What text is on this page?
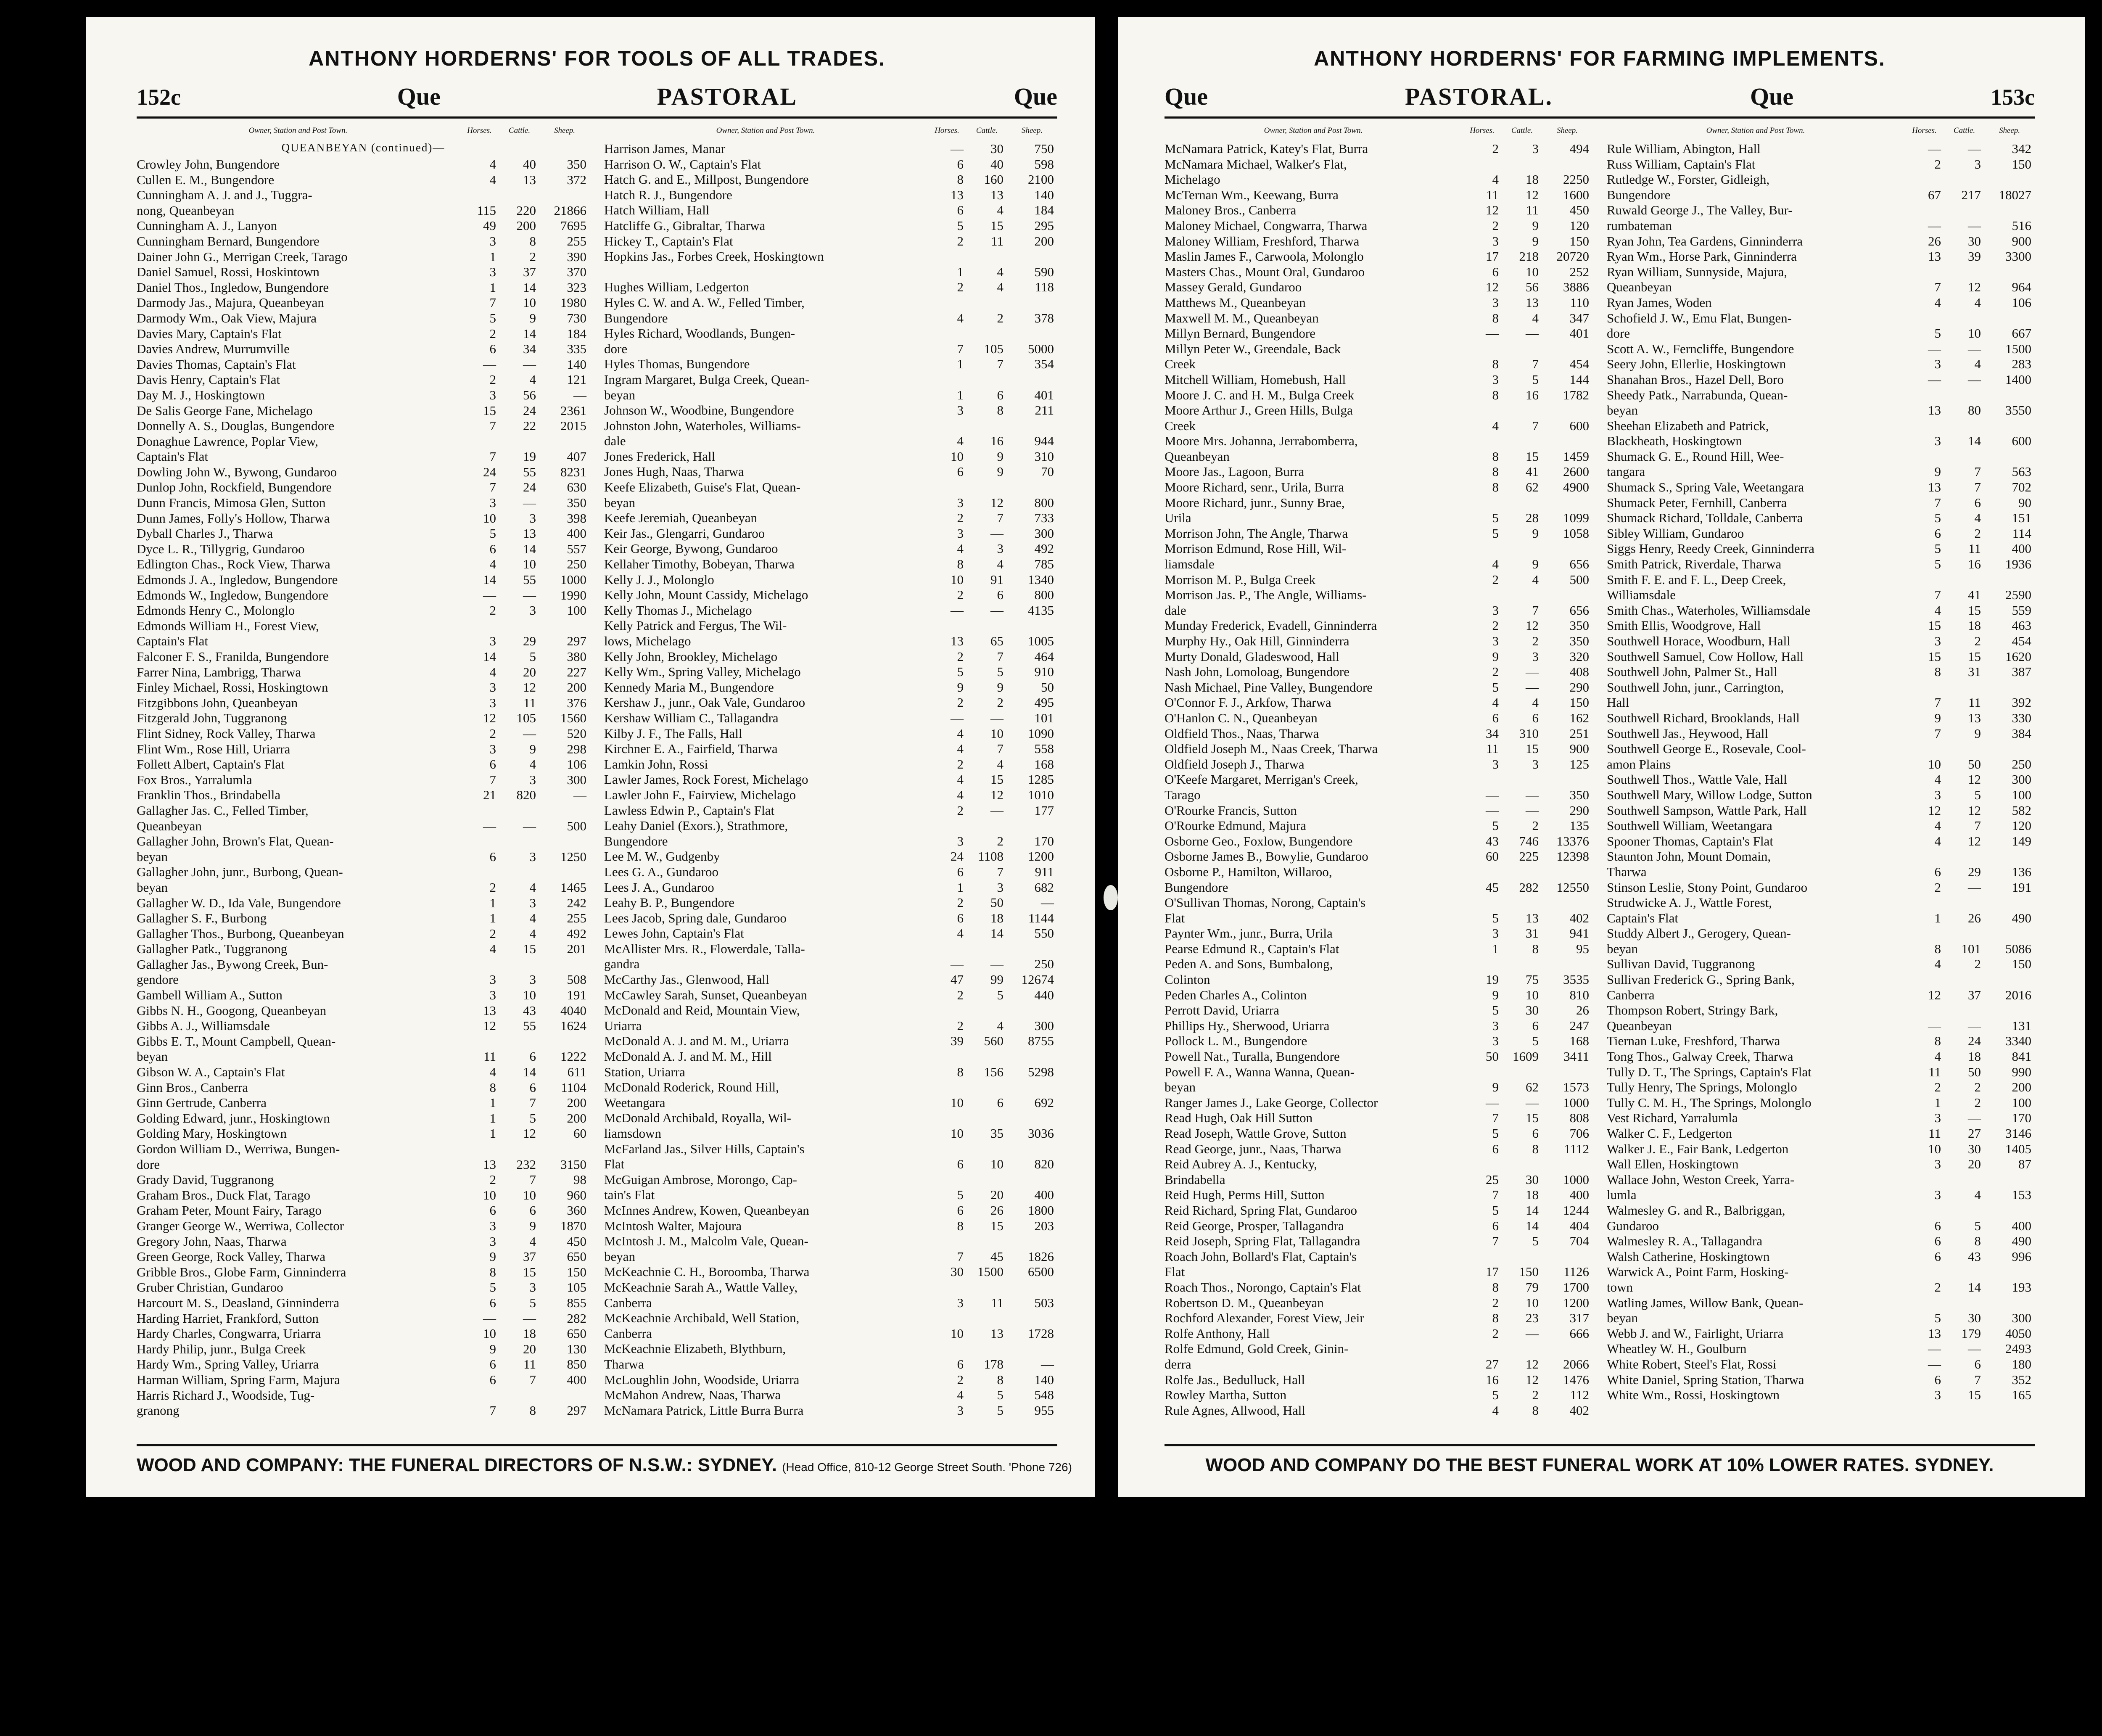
ANTHONY HORDERNS' FOR TOOLS OF ALL TRADES.
152c	Que	PASTORAL	Que
Owner, Station and Post Town.	Horses.	Cattle.	Sheep.
QUEANBEYAN (continued)—
Crowley John, Bungendore	4	40	350
Cullen E. M., Bungendore	4	13	372
Cunningham A. J. and J., Tuggra-
nong, Queanbeyan	115	220	21866
Cunningham A. J., Lanyon	49	200	7695
Cunningham Bernard, Bungendore	3	8	255
Dainer John G., Merrigan Creek, Tarago	1	2	390
Daniel Samuel, Rossi, Hoskintown	3	37	370
Daniel Thos., Ingledow, Bungendore	1	14	323
Darmody Jas., Majura, Queanbeyan	7	10	1980
Darmody Wm., Oak View, Majura	5	9	730
Davies Mary, Captain's Flat	2	14	184
Davies Andrew, Murrumville	6	34	335
Davies Thomas, Captain's Flat	—	—	140
Davis Henry, Captain's Flat	2	4	121
Day M. J., Hoskingtown	3	56	—
De Salis George Fane, Michelago	15	24	2361
Donnelly A. S., Douglas, Bungendore	7	22	2015
Donaghue Lawrence, Poplar View,
Captain's Flat	7	19	407
Dowling John W., Bywong, Gundaroo	24	55	8231
Dunlop John, Rockfield, Bungendore	7	24	630
Dunn Francis, Mimosa Glen, Sutton	3	—	350
Dunn James, Folly's Hollow, Tharwa	10	3	398
Dyball Charles J., Tharwa	5	13	400
Dyce L. R., Tillygrig, Gundaroo	6	14	557
Edlington Chas., Rock View, Tharwa	4	10	250
Edmonds J. A., Ingledow, Bungendore	14	55	1000
Edmonds W., Ingledow, Bungendore	—	—	1990
Edmonds Henry C., Molonglo	2	3	100
Edmonds William H., Forest View,
Captain's Flat	3	29	297
Falconer F. S., Franilda, Bungendore	14	5	380
Farrer Nina, Lambrigg, Tharwa	4	20	227
Finley Michael, Rossi, Hoskingtown	3	12	200
Fitzgibbons John, Queanbeyan	3	11	376
Fitzgerald John, Tuggranong	12	105	1560
Flint Sidney, Rock Valley, Tharwa	2	—	520
Flint Wm., Rose Hill, Uriarra	3	9	298
Follett Albert, Captain's Flat	6	4	106
Fox Bros., Yarralumla	7	3	300
Franklin Thos., Brindabella	21	820	—
Gallagher Jas. C., Felled Timber,
Queanbeyan	—	—	500
Gallagher John, Brown's Flat, Quean-
beyan	6	3	1250
Gallagher John, junr., Burbong, Quean-
beyan	2	4	1465
Gallagher W. D., Ida Vale, Bungendore	1	3	242
Gallagher S. F., Burbong	1	4	255
Gallagher Thos., Burbong, Queanbeyan	2	4	492
Gallagher Patk., Tuggranong	4	15	201
Gallagher Jas., Bywong Creek, Bun-
gendore	3	3	508
Gambell William A., Sutton	3	10	191
Gibbs N. H., Googong, Queanbeyan	13	43	4040
Gibbs A. J., Williamsdale	12	55	1624
Gibbs E. T., Mount Campbell, Quean-
beyan	11	6	1222
Gibson W. A., Captain's Flat	4	14	611
Ginn Bros., Canberra	8	6	1104
Ginn Gertrude, Canberra	1	7	200
Golding Edward, junr., Hoskingtown	1	5	200
Golding Mary, Hoskingtown	1	12	60
Gordon William D., Werriwa, Bungen-
dore	13	232	3150
Grady David, Tuggranong	2	7	98
Graham Bros., Duck Flat, Tarago	10	10	960
Graham Peter, Mount Fairy, Tarago	6	6	360
Granger George W., Werriwa, Collector	3	9	1870
Gregory John, Naas, Tharwa	3	4	450
Green George, Rock Valley, Tharwa	9	37	650
Gribble Bros., Globe Farm, Ginninderra	8	15	150
Gruber Christian, Gundaroo	5	3	105
Harcourt M. S., Deasland, Ginninderra	6	5	855
Harding Harriet, Frankford, Sutton	—	—	282
Hardy Charles, Congwarra, Uriarra	10	18	650
Hardy Philip, junr., Bulga Creek	9	20	130
Hardy Wm., Spring Valley, Uriarra	6	11	850
Harman William, Spring Farm, Majura	6	7	400
Harris Richard J., Woodside, Tug-
granong	7	8	297
Owner, Station and Post Town.	Horses.	Cattle.	Sheep.
Harrison James, Manar	—	30	750
Harrison O. W., Captain's Flat	6	40	598
Hatch G. and E., Millpost, Bungendore	8	160	2100
Hatch R. J., Bungendore	13	13	140
Hatch William, Hall	6	4	184
Hatcliffe G., Gibraltar, Tharwa	5	15	295
Hickey T., Captain's Flat	2	11	200
Hopkins Jas., Forbes Creek, Hoskingtown
1	4	590
Hughes William, Ledgerton	2	4	118
Hyles C. W. and A. W., Felled Timber,
Bungendore	4	2	378
Hyles Richard, Woodlands, Bungen-
dore	7	105	5000
Hyles Thomas, Bungendore	1	7	354
Ingram Margaret, Bulga Creek, Quean-
beyan	1	6	401
Johnson W., Woodbine, Bungendore	3	8	211
Johnston John, Waterholes, Williams-
dale	4	16	944
Jones Frederick, Hall	10	9	310
Jones Hugh, Naas, Tharwa	6	9	70
Keefe Elizabeth, Guise's Flat, Quean-
beyan	3	12	800
Keefe Jeremiah, Queanbeyan	2	7	733
Keir Jas., Glengarri, Gundaroo	3	—	300
Keir George, Bywong, Gundaroo	4	3	492
Kellaher Timothy, Bobeyan, Tharwa	8	4	785
Kelly J. J., Molonglo	10	91	1340
Kelly John, Mount Cassidy, Michelago	2	6	800
Kelly Thomas J., Michelago	—	—	4135
Kelly Patrick and Fergus, The Wil-
lows, Michelago	13	65	1005
Kelly John, Brookley, Michelago	2	7	464
Kelly Wm., Spring Valley, Michelago	5	5	910
Kennedy Maria M., Bungendore	9	9	50
Kershaw J., junr., Oak Vale, Gundaroo	2	2	495
Kershaw William C., Tallagandra	—	—	101
Kilby J. F., The Falls, Hall	4	10	1090
Kirchner E. A., Fairfield, Tharwa	4	7	558
Lamkin John, Rossi	2	4	168
Lawler James, Rock Forest, Michelago	4	15	1285
Lawler John F., Fairview, Michelago	4	12	1010
Lawless Edwin P., Captain's Flat	2	—	177
Leahy Daniel (Exors.), Strathmore,
Bungendore	3	2	170
Lee M. W., Gudgenby	24	1108	1200
Lees G. A., Gundaroo	6	7	911
Lees J. A., Gundaroo	1	3	682
Leahy B. P., Bungendore	2	50	—
Lees Jacob, Spring dale, Gundaroo	6	18	1144
Lewes John, Captain's Flat	4	14	550
McAllister Mrs. R., Flowerdale, Talla-
gandra	—	—	250
McCarthy Jas., Glenwood, Hall	47	99	12674
McCawley Sarah, Sunset, Queanbeyan	2	5	440
McDonald and Reid, Mountain View,
Uriarra	2	4	300
McDonald A. J. and M. M., Uriarra	39	560	8755
McDonald A. J. and M. M., Hill
Station, Uriarra	8	156	5298
McDonald Roderick, Round Hill,
Weetangara	10	6	692
McDonald Archibald, Royalla, Wil-
liamsdown	10	35	3036
McFarland Jas., Silver Hills, Captain's
Flat	6	10	820
McGuigan Ambrose, Morongo, Cap-
tain's Flat	5	20	400
McInnes Andrew, Kowen, Queanbeyan	6	26	1800
McIntosh Walter, Majoura	8	15	203
McIntosh J. M., Malcolm Vale, Quean-
beyan	7	45	1826
McKeachnie C. H., Boroomba, Tharwa	30	1500	6500
McKeachnie Sarah A., Wattle Valley,
Canberra	3	11	503
McKeachnie Archibald, Well Station,
Canberra	10	13	1728
McKeachnie Elizabeth, Blythburn,
Tharwa	6	178	—
McLoughlin John, Woodside, Uriarra	2	8	140
McMahon Andrew, Naas, Tharwa	4	5	548
McNamara Patrick, Little Burra Burra	3	5	955
WOOD AND COMPANY: THE FUNERAL DIRECTORS OF N.S.W.: SYDNEY. (Head Office, 810-12 George Street South. 'Phone 726)
ANTHONY HORDERNS' FOR FARMING IMPLEMENTS.
Que	PASTORAL.	Que	153c
Owner, Station and Post Town.	Horses.	Cattle.	Sheep.
McNamara Patrick, Katey's Flat, Burra	2	3	494
McNamara Michael, Walker's Flat,
Michelago	4	18	2250
McTernan Wm., Keewang, Burra	11	12	1600
Maloney Bros., Canberra	12	11	450
Maloney Michael, Congwarra, Tharwa	2	9	120
Maloney William, Freshford, Tharwa	3	9	150
Maslin James F., Carwoola, Molonglo	17	218	20720
Masters Chas., Mount Oral, Gundaroo	6	10	252
Massey Gerald, Gundaroo	12	56	3886
Matthews M., Queanbeyan	3	13	110
Maxwell M. M., Queanbeyan	8	4	347
Millyn Bernard, Bungendore	—	—	401
Millyn Peter W., Greendale, Back
Creek	8	7	454
Mitchell William, Homebush, Hall	3	5	144
Moore J. C. and H. M., Bulga Creek	8	16	1782
Moore Arthur J., Green Hills, Bulga
Creek	4	7	600
Moore Mrs. Johanna, Jerrabomberra,
Queanbeyan	8	15	1459
Moore Jas., Lagoon, Burra	8	41	2600
Moore Richard, senr., Urila, Burra	8	62	4900
Moore Richard, junr., Sunny Brae,
Urila	5	28	1099
Morrison John, The Angle, Tharwa	5	9	1058
Morrison Edmund, Rose Hill, Wil-
liamsdale	4	9	656
Morrison M. P., Bulga Creek	2	4	500
Morrison Jas. P., The Angle, Williams-
dale	3	7	656
Munday Frederick, Evadell, Ginninderra	2	12	350
Murphy Hy., Oak Hill, Ginninderra	3	2	350
Murty Donald, Gladeswood, Hall	9	3	320
Nash John, Lomoloag, Bungendore	2	—	408
Nash Michael, Pine Valley, Bungendore	5	—	290
O'Connor F. J., Arkfow, Tharwa	4	4	150
O'Hanlon C. N., Queanbeyan	6	6	162
Oldfield Thos., Naas, Tharwa	34	310	251
Oldfield Joseph M., Naas Creek, Tharwa	11	15	900
Oldfield Joseph J., Tharwa	3	3	125
O'Keefe Margaret, Merrigan's Creek,
Tarago	—	—	350
O'Rourke Francis, Sutton	—	—	290
O'Rourke Edmund, Majura	5	2	135
Osborne Geo., Foxlow, Bungendore	43	746	13376
Osborne James B., Bowylie, Gundaroo	60	225	12398
Osborne P., Hamilton, Willaroo,
Bungendore	45	282	12550
O'Sullivan Thomas, Norong, Captain's
Flat	5	13	402
Paynter Wm., junr., Burra, Urila	3	31	941
Pearse Edmund R., Captain's Flat	1	8	95
Peden A. and Sons, Bumbalong,
Colinton	19	75	3535
Peden Charles A., Colinton	9	10	810
Perrott David, Uriarra	5	30	26
Phillips Hy., Sherwood, Uriarra	3	6	247
Pollock L. M., Bungendore	3	5	168
Powell Nat., Turalla, Bungendore	50	1609	3411
Powell F. A., Wanna Wanna, Quean-
beyan	9	62	1573
Ranger James J., Lake George, Collector	—	—	1000
Read Hugh, Oak Hill Sutton	7	15	808
Read Joseph, Wattle Grove, Sutton	5	6	706
Read George, junr., Naas, Tharwa	6	8	1112
Reid Aubrey A. J., Kentucky,
Brindabella	25	30	1000
Reid Hugh, Perms Hill, Sutton	7	18	400
Reid Richard, Spring Flat, Gundaroo	5	14	1244
Reid George, Prosper, Tallagandra	6	14	404
Reid Joseph, Spring Flat, Tallagandra	7	5	704
Roach John, Bollard's Flat, Captain's
Flat	17	150	1126
Roach Thos., Norongo, Captain's Flat	8	79	1700
Robertson D. M., Queanbeyan	2	10	1200
Rochford Alexander, Forest View, Jeir	8	23	317
Rolfe Anthony, Hall	2	—	666
Rolfe Edmund, Gold Creek, Ginin-
derra	27	12	2066
Rolfe Jas., Bedulluck, Hall	16	12	1476
Rowley Martha, Sutton	5	2	112
Rule Agnes, Allwood, Hall	4	8	402
Owner, Station and Post Town.	Horses.	Cattle.	Sheep.
Rule William, Abington, Hall	—	—	342
Russ William, Captain's Flat	2	3	150
Rutledge W., Forster, Gidleigh,
Bungendore	67	217	18027
Ruwald George J., The Valley, Bur-
rumbateman	—	—	516
Ryan John, Tea Gardens, Ginninderra	26	30	900
Ryan Wm., Horse Park, Ginninderra	13	39	3300
Ryan William, Sunnyside, Majura,
Queanbeyan	7	12	964
Ryan James, Woden	4	4	106
Schofield J. W., Emu Flat, Bungen-
dore	5	10	667
Scott A. W., Ferncliffe, Bungendore	—	—	1500
Seery John, Ellerlie, Hoskingtown	3	4	283
Shanahan Bros., Hazel Dell, Boro	—	—	1400
Sheedy Patk., Narrabunda, Quean-
beyan	13	80	3550
Sheehan Elizabeth and Patrick,
Blackheath, Hoskingtown	3	14	600
Shumack G. E., Round Hill, Wee-
tangara	9	7	563
Shumack S., Spring Vale, Weetangara	13	7	702
Shumack Peter, Fernhill, Canberra	7	6	90
Shumack Richard, Tolldale, Canberra	5	4	151
Sibley William, Gundaroo	6	2	114
Siggs Henry, Reedy Creek, Ginninderra	5	11	400
Smith Patrick, Riverdale, Tharwa	5	16	1936
Smith F. E. and F. L., Deep Creek,
Williamsdale	7	41	2590
Smith Chas., Waterholes, Williamsdale	4	15	559
Smith Ellis, Woodgrove, Hall	15	18	463
Southwell Horace, Woodburn, Hall	3	2	454
Southwell Samuel, Cow Hollow, Hall	15	15	1620
Southwell John, Palmer St., Hall	8	31	387
Southwell John, junr., Carrington,
Hall	7	11	392
Southwell Richard, Brooklands, Hall	9	13	330
Southwell Jas., Heywood, Hall	7	9	384
Southwell George E., Rosevale, Cool-
amon Plains	10	50	250
Southwell Thos., Wattle Vale, Hall	4	12	300
Southwell Mary, Willow Lodge, Sutton	3	5	100
Southwell Sampson, Wattle Park, Hall	12	12	582
Southwell William, Weetangara	4	7	120
Spooner Thomas, Captain's Flat	4	12	149
Staunton John, Mount Domain,
Tharwa	6	29	136
Stinson Leslie, Stony Point, Gundaroo	2	—	191
Strudwicke A. J., Wattle Forest,
Captain's Flat	1	26	490
Studdy Albert J., Gerogery, Quean-
beyan	8	101	5086
Sullivan David, Tuggranong	4	2	150
Sullivan Frederick G., Spring Bank,
Canberra	12	37	2016
Thompson Robert, Stringy Bark,
Queanbeyan	—	—	131
Tiernan Luke, Freshford, Tharwa	8	24	3340
Tong Thos., Galway Creek, Tharwa	4	18	841
Tully D. T., The Springs, Captain's Flat	11	50	990
Tully Henry, The Springs, Molonglo	2	2	200
Tully C. M. H., The Springs, Molonglo	1	2	100
Vest Richard, Yarralumla	3	—	170
Walker C. F., Ledgerton	11	27	3146
Walker J. E., Fair Bank, Ledgerton	10	30	1405
Wall Ellen, Hoskingtown	3	20	87
Wallace John, Weston Creek, Yarra-
lumla	3	4	153
Walmesley G. and R., Balbriggan,
Gundaroo	6	5	400
Walmesley R. A., Tallagandra	6	8	490
Walsh Catherine, Hoskingtown	6	43	996
Warwick A., Point Farm, Hosking-
town	2	14	193
Watling James, Willow Bank, Quean-
beyan	5	30	300
Webb J. and W., Fairlight, Uriarra	13	179	4050
Wheatley W. H., Goulburn	—	—	2493
White Robert, Steel's Flat, Rossi	—	6	180
White Daniel, Spring Station, Tharwa	6	7	352
White Wm., Rossi, Hoskingtown	3	15	165
WOOD AND COMPANY DO THE BEST FUNERAL WORK AT 10% LOWER RATES. SYDNEY.
